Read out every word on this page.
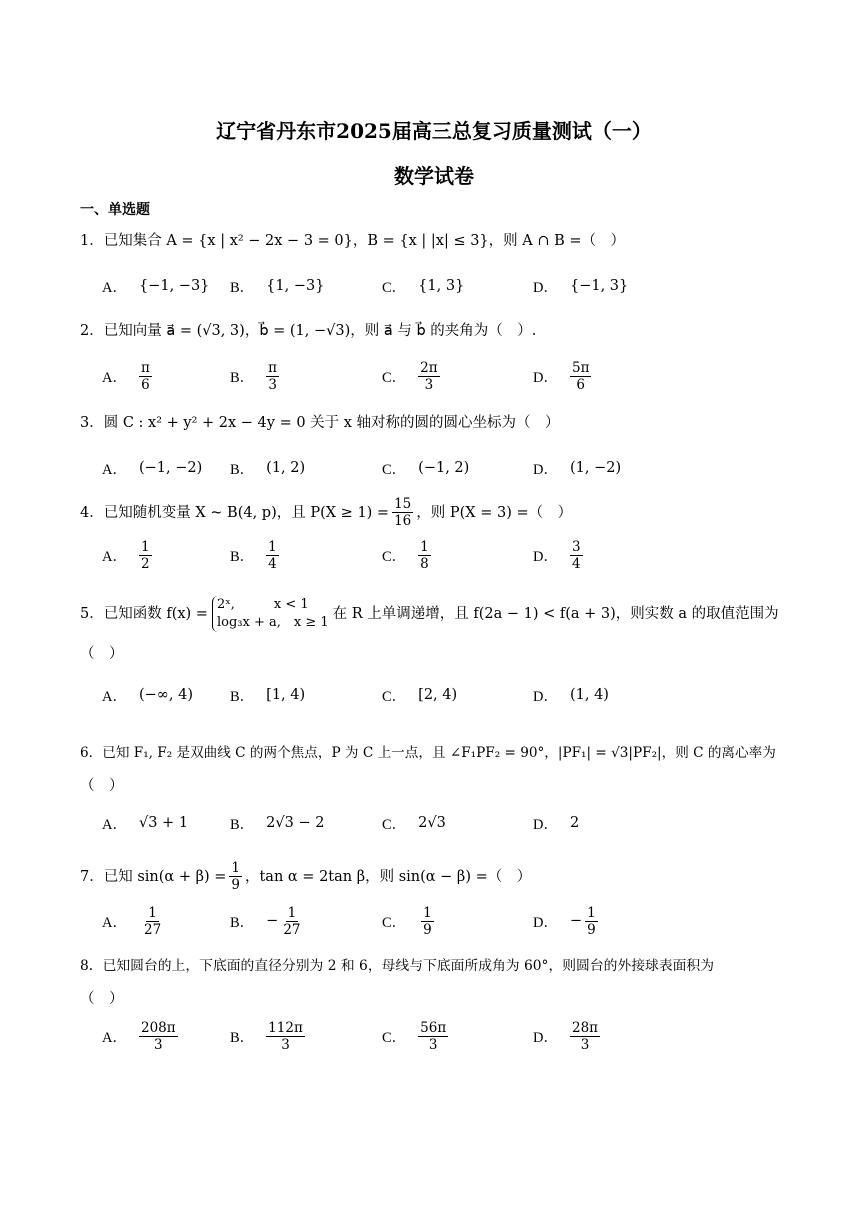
辽宁省丹东市2025届高三总复习质量测试（一）
数学试卷
一、单选题
1．已知集合 A = {x | x² − 2x − 3 = 0}，B = {x | |x| ≤ 3}，则 A ∩ B =（　）
A． {−1, −3} B． {1, −3}	C． {1, 3}	D． {−1, 3}
2．已知向量 a⃗ = (√3, 3)，b⃗ = (1, −√3)，则 a⃗ 与 b⃗ 的夹角为（　）.
A． $\frac{\pi}{6}$	B． $\frac{\pi}{3}$	C． $\frac{2\pi}{3}$	D． $\frac{5\pi}{6}$
3．圆 C : x² + y² + 2x − 4y = 0 关于 x 轴对称的圆的圆心坐标为（　）
A． (−1, −2) B． (1, 2)	C． (−1, 2)	D． (1, −2)
4． 已知随机变量 X ~ B(4, p)，且 $P(X \ge 1) = \frac{15}{16}$ ，则 P(X = 3) =（　）
A． $\frac{1}{2}$	B． $\frac{1}{4}$	C． $\frac{1}{8}$	D． $\frac{3}{4}$
5． 已知函数 f(x) =
2ˣ,　　　x < 1
log₃x + a,　x ≥ 1
在 R 上单调递增，且 f(2a − 1) < f(a + 3)，则实数 a 的取值范围为
（　）
A． (−∞, 4)	B． [1, 4)	C． [2, 4)	D． (1, 4)
6．已知 F₁, F₂ 是双曲线 C 的两个焦点，P 为 C 上一点，且 ∠F₁PF₂ = 90°，|PF₁| = √3|PF₂|，则 C 的离心率为
（　）
A． √3 + 1	B． 2√3 − 2	C． 2√3	D． 2
7． 已知 $\sin(\alpha + \beta) = \frac{1}{9}$ ，tan α = 2tan β，则 sin(α − β) =（　）
A． $\frac{1}{27}$	B． − $\frac{1}{27}$	C． $\frac{1}{9}$	D． − $\frac{1}{9}$
8．已知圆台的上，下底面的直径分别为 2 和 6，母线与下底面所成角为 60°，则圆台的外接球表面积为
（　）
A． $\frac{208\pi}{3}$	B． $\frac{112\pi}{3}$	C． $\frac{56\pi}{3}$	D． $\frac{28\pi}{3}$
